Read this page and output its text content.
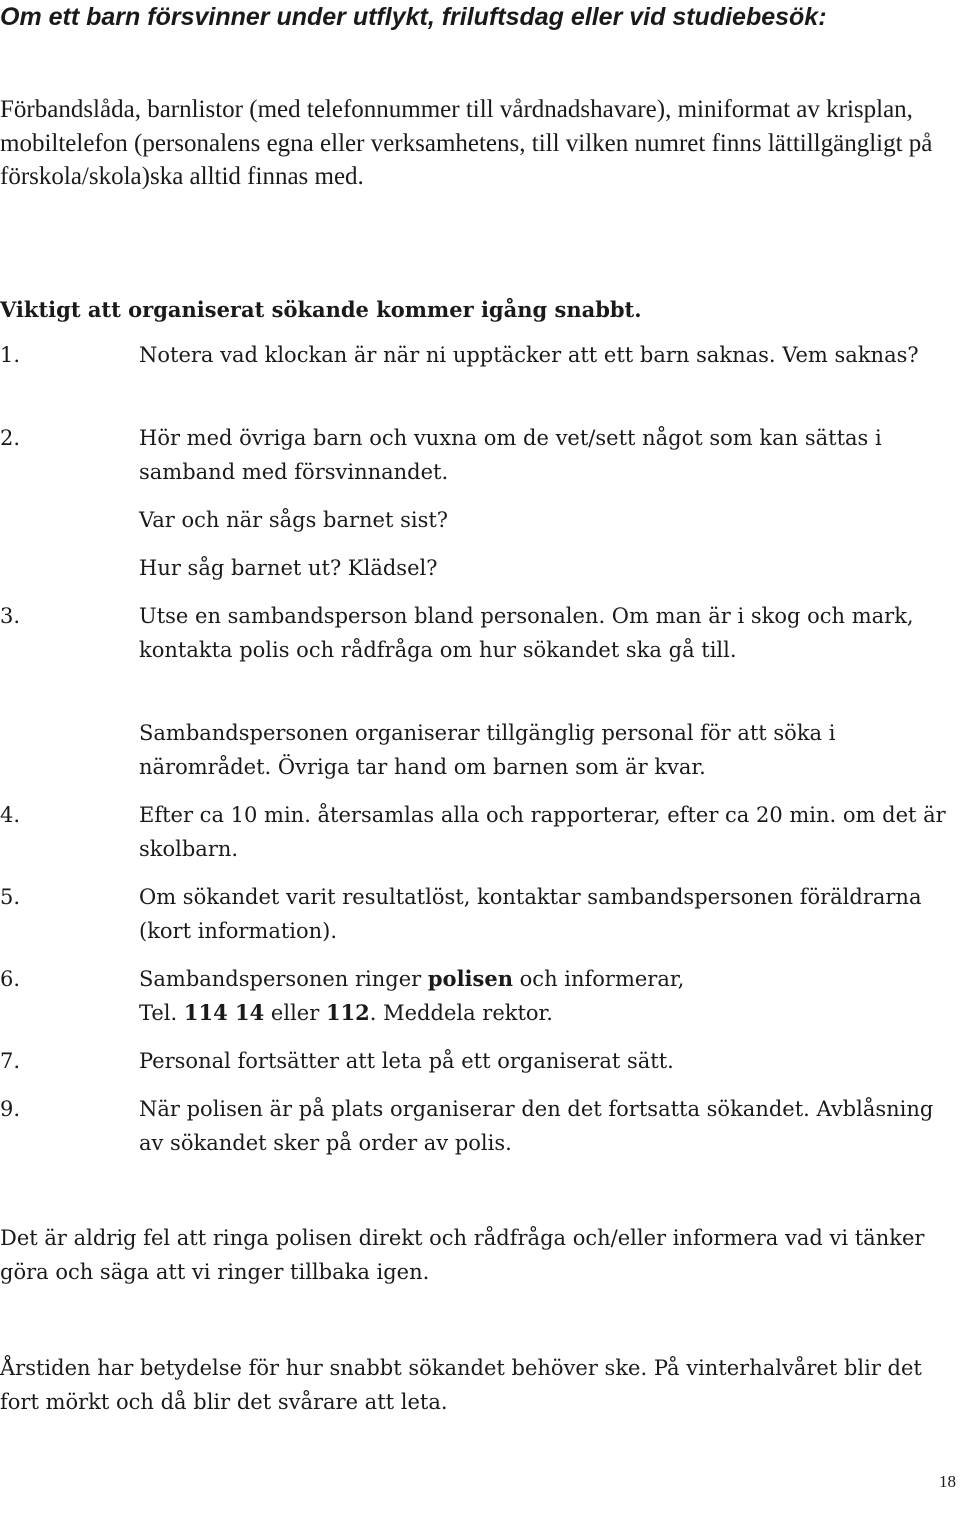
Om ett barn försvinner under utflykt, friluftsdag eller vid studiebesök:
Förbandslåda, barnlistor (med telefonnummer till vårdnadshavare), miniformat av krisplan, mobiltelefon (personalens egna eller verksamhetens, till vilken numret finns lättillgängligt på förskola/skola)ska alltid finnas med.
Viktigt att organiserat sökande kommer igång snabbt.
1.	Notera vad klockan är när ni upptäcker att ett barn saknas. Vem saknas?
2.	Hör med övriga barn och vuxna om de vet/sett något som kan sättas i samband med försvinnandet.
Var och när sågs barnet sist?
Hur såg barnet ut? Klädsel?
3.	Utse en sambandsperson bland personalen. Om man är i skog och mark, kontakta polis och rådfråga om hur sökandet ska gå till.
Sambandspersonen organiserar tillgänglig personal för att söka i närområdet. Övriga tar hand om barnen som är kvar.
4.	Efter ca 10 min. återsamlas alla och rapporterar, efter ca 20 min. om det är skolbarn.
5.	Om sökandet varit resultatlöst, kontaktar sambandspersonen föräldrarna (kort information).
6.	Sambandspersonen ringer polisen och informerar,
Tel. 114 14 eller 112. Meddela rektor.
7.	Personal fortsätter att leta på ett organiserat sätt.
9.	När polisen är på plats organiserar den det fortsatta sökandet. Avblåsning av sökandet sker på order av polis.
Det är aldrig fel att ringa polisen direkt och rådfråga och/eller informera vad vi tänker göra och säga att vi ringer tillbaka igen.
Årstiden har betydelse för hur snabbt sökandet behöver ske. På vinterhalvåret blir det fort mörkt och då blir det svårare att leta.
18
